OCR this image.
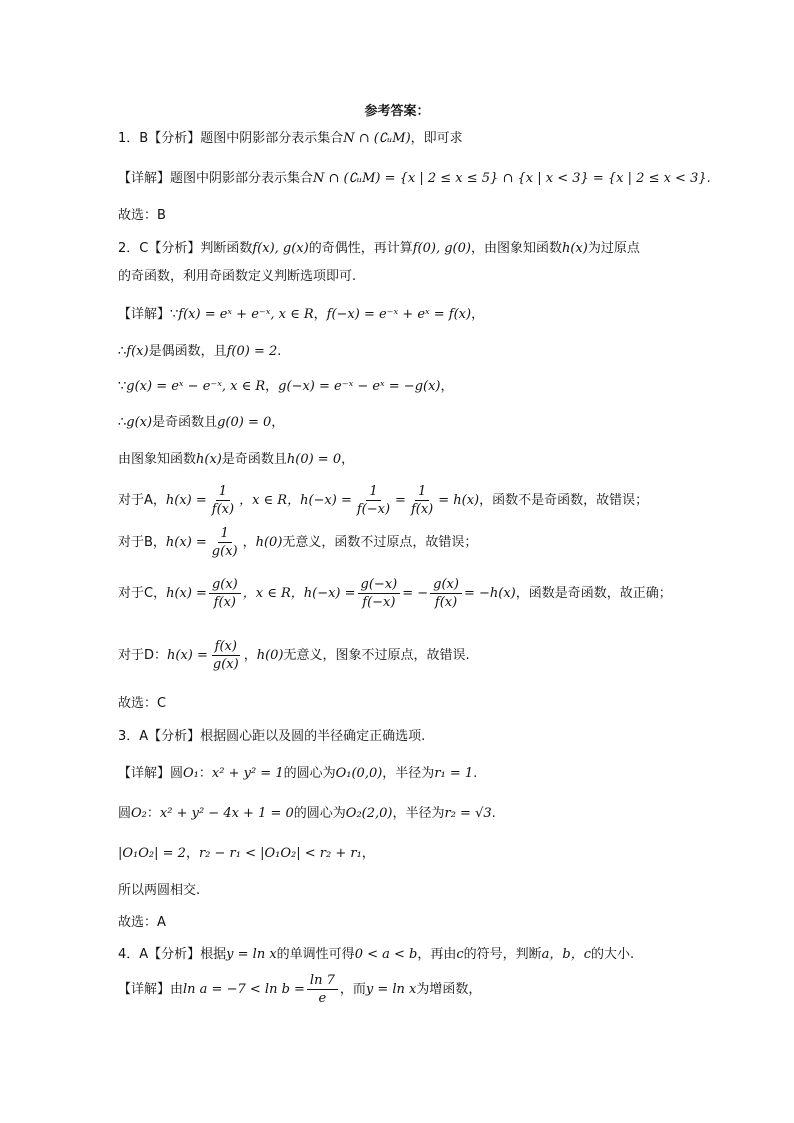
参考答案：
1．B【分析】题图中阴影部分表示集合N ∩ (∁ᵤM)，即可求
【详解】题图中阴影部分表示集合N ∩ (∁ᵤM) = {x | 2 ≤ x ≤ 5} ∩ {x | x < 3} = {x | 2 ≤ x < 3}.
故选：B
2．C【分析】判断函数f(x), g(x)的奇偶性，再计算f(0), g(0)，由图象知函数h(x)为过原点
的奇函数，利用奇函数定义判断选项即可.
【详解】∵f(x) = eˣ + e⁻ˣ, x ∈ R，f(−x) = e⁻ˣ + eˣ = f(x)，
∴f(x)是偶函数，且f(0) = 2.
∵g(x) = eˣ − e⁻ˣ, x ∈ R，g(−x) = e⁻ˣ − eˣ = −g(x)，
∴g(x)是奇函数且g(0) = 0，
由图象知函数h(x)是奇函数且h(0) = 0，
对于A，$h(x) = \frac{1}{f(x)}$ ，x ∈ R，$h(-x) = \frac{1}{f(-x)} = \frac{1}{f(x)} = h(x)$，函数不是奇函数，故错误；
对于B，$h(x) = \frac{1}{g(x)}$ ，h(0)无意义，函数不过原点，故错误；
对于C，$h(x) = \frac{g(x)}{f(x)}$ ，x ∈ R，$h(-x) = \frac{g(-x)}{f(-x)}$ = − $\frac{g(x)}{f(x)} = -h(x)$，函数是奇函数，故正确；
对于D：$h(x) = \frac{f(x)}{g(x)}$ ，h(0)无意义，图象不过原点，故错误.
故选：C
3．A【分析】根据圆心距以及圆的半径确定正确选项.
【详解】圆O₁：x² + y² = 1的圆心为O₁(0,0)，半径为r₁ = 1.
圆O₂：x² + y² − 4x + 1 = 0的圆心为O₂(2,0)，半径为r₂ = √3.
|O₁O₂| = 2，r₂ − r₁ < |O₁O₂| < r₂ + r₁，
所以两圆相交.
故选：A
4．A【分析】根据y = ln x的单调性可得0 < a < b，再由c的符号，判断a，b，c的大小.
【详解】由$\ln a = -7 < \ln b = \frac{\ln 7}{e}$ ，而y = ln x为增函数，
